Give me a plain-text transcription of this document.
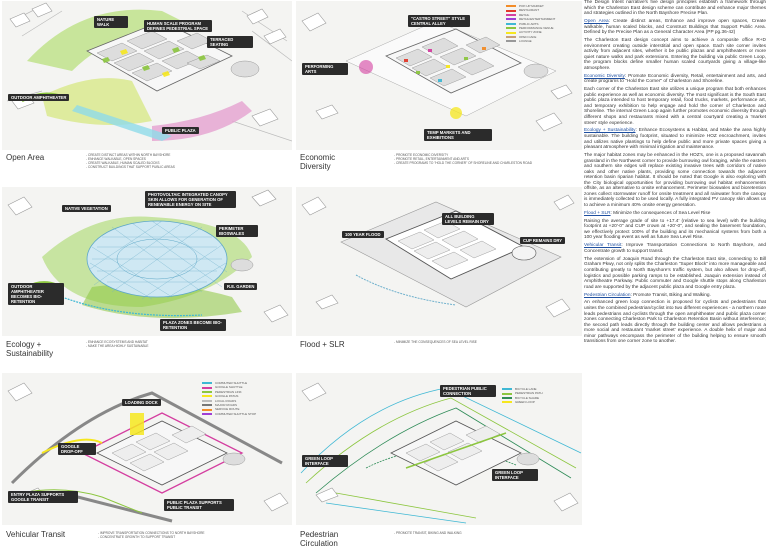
NATURE WALK	HUMAN SCALE PROGRAM DEFINES PEDESTRIAL SPACE
TERRACED SEATING
OUTDOOR AMPHITHEATER
PUBLIC PLAZA
Open Area	- CREATE DISTINCT AREAS WITHIN NORTH BAYSHORE
- ENHANCE WALKABLE, OPEN SPACES
- CREATE WALKABLE, HUMAN SCALED BLOCKS
- CONSTRUCT BUILDINGS THAT SUPPORT PUBLIC AREAS
POP-UP MARKET
RESTAURANT
RETAIL
RETAIL/ENTERTAINMENT
PUBLIC ARTS
PERFORMANCE VENUE
ACTIVITY ZONE
OPEN CAFE
LOUNGE
"CASTRO STREET" STYLE CENTRAL ALLEY
PERFORMING ARTS
TEMP MARKETS AND EXHIBITIONS
Economic Diversity
- PROMOTE ECONOMIC DIVERSITY
- PROMOTE RETAIL, ENTERTAINMENT AND ARTS
- CREATE PROGRAMS TO "HOLD THE CORNER" OF SHORELINE AND CHARLESTON ROAD
NATIVE VEGETATION
PHOTOVOLTAIC INTEGRATED CANOPY SKIN ALLOWS FOR GENERATION OF RENEWABLE ENERGY ON SITE
PERIMETER BIOSWALES
R.E. GARDEN
OUTDOOR AMPHITHEATER BECOMES BIO-RETENTION
PLAZA ZONES BECOME BIO-RETENTION
Ecology + Sustainability
- ENHANCE ECOSYSTEMS AND HABITAT
- MAKE THE AREA HIGHLY SUSTAINABLE
100 YEAR FLOOD
ALL BUILDING LEVELS REMAIN DRY
CUP REMAINS DRY
Flood + SLR	- MINIMIZE THE CONSEQUENCES OF SEA LEVEL RISE
COMMUTER SHUTTLE
GOOGLE SHUTTLE
PEDESTRIAN LINK
GOOGLE PATHS
LOCAL ROADS
MAJOR ROADS
SERVICE ROUTE
COMMUTER SHUTTLE STOP
LOADING DOCK
GOOGLE DROP-OFF
ENTRY PLAZA SUPPORTS GOOGLE TRANSIT
PUBLIC PLAZA SUPPORTS PUBLIC TRANSIT
Vehicular Transit	- IMPROVE TRANSPORTATION CONNECTIONS TO NORTH BAYSHORE
- CONCENTRATE GROWTH TO SUPPORT TRANSIT
BICYCLE LANE
PEDESTRIAN PATH
BICYCLE SHARE
GREEN LOOP
PEDESTRIAN PUBLIC CONNECTION
GREEN LOOP INTERFACE
GREEN LOOP INTERFACE
Pedestrian Circulation
- PROMOTE TRANSIT, BIKING AND WALKING

The Design Intent narrative's five design principles establish a framework through which the Charleston East design scheme can contribute and enhance major themes and strategies outlined in the North Bayshore Precise Plan.

Open Area: Create distinct areas, Enhance and improve open spaces, Create walkable, human scaled blocks, and Construct Buildings that Support Public Area. Defined by the Precise Plan as a General Character Area (PP pg.36-42)

The Charleston East design concept aims to achieve a composite office R+D environment creating outside interstitial and open space. Each site corner invites activity from adjacent sites, whether it be public plazas and amphitheaters or more quiet nature walks and park extensions. Entering the building via public Green Loop, the program blocks define smaller human scaled courtyards giving a village-like atmosphere.

Economic Diversity: Promote Economic diversity, Retail, entertainment and arts, and create programs to "Hold the Corner" of Charleston and Shoreline.

Each corner of the Charleston East site utilizes a unique program that both enhances public experience as well as economic diversity. The most significant is the South East public plaza intended to host temporary retail, food trucks, markets, performance art, and temporary exhibition to help engage and hold the corner of Charleston and Shoreline. The internal Green Loop again further promotes economic diversity through different shops and restaurants mixed with a central courtyard creating a 'market street' style experience.

Ecology + Sustainability: Enhance Ecosystems & Habitat, and Make the area highly sustainable. The building footprint, situated to minimize HOZ encroachment, invites and utilizes native plantings to help define public and more private spaces giving a pleasant atmosphere with minimal irrigation and maintenance.

The major habitat zones may be enhanced in the HOZ's, one is a proposed savannah grassland in the Northwest corner to provide burrowing owl foraging, while the eastern and southern site edges will replace existing invasive trees with corridors of native oaks and other native plants, providing some connection towards the adjacent retention basin riparian habitat. It should be noted that Google is also exploring with the City biological opportunities for providing burrowing owl habitat enhancements offsite, as an alternative to onsite enhancement. Perimeter bioswales and bioretention zones collect stormwater runoff for onsite treatment and all rainwater from the canopy is immediately collected to be used locally. A fully integrated PV canopy skin allows us to achieve a minimum 40% onsite energy generation.

Flood + SLR: Minimize the consequences of Sea Level Rise

Raising the average grade of site to +17.4' (relative to sea level) with the building footprint at +20'-0" and CUP crown at +20'-0", and sealing the basement foundation, we effectively protect 100% of the building and its mechanical systems from both a 100 year flooding event as well as future Sea Level Rise.

Vehicular Transit: Improve Transportation Connections to North Bayshore, and Concentrate growth to support transit.

The extension of Joaquin Road through the Charleston East site, connecting to Bill Graham Pkwy, not only splits the Charleston "Super Block" into more manageable and contributing greatly to North Bayshore's traffic system, but also allows for drop-off, logistics and possible parking ramps to be established. Joaquin extension instead of Amphitheatre Parkway. Public commuter and Google shuttle stops along Charleston road are supported by the adjacent public plaza and Google entry plaza.

Pedestrian Circulation: Promote Transit, Biking and Walking.

An enhanced green loop connection is proposed for cyclists and pedestrians that unites the combined pedestrian/cyclist into two different experiences - a northern route leads pedestrians and cyclists through the open amphitheater and public plaza corner zones connecting Charleston Park to Charleston Retention Basin without interference; the second path leads directly through the building center and allows pedestrians a more social and restaurant 'market street' experience. A double helix of major and minor pathways encompass the perimeter of the building helping to ensure smooth transitions from one corner zone to another.
